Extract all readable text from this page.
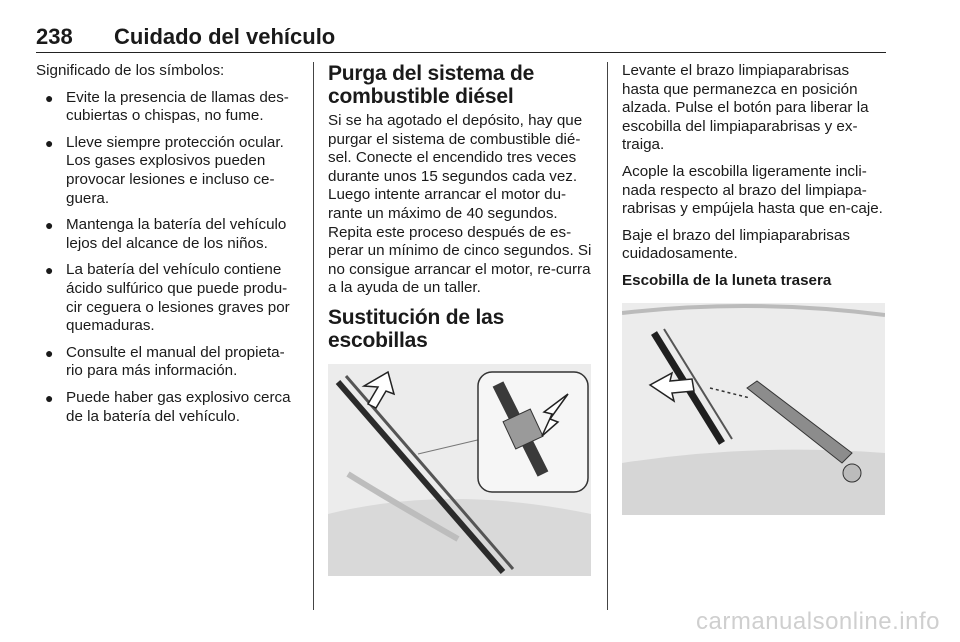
238 Cuidado del vehículo

Significado de los símbolos:

● Evite la presencia de llamas des-cubiertas o chispas, no fume.
● Lleve siempre protección ocular. Los gases explosivos pueden provocar lesiones e incluso ce-guera.
● Mantenga la batería del vehículo lejos del alcance de los niños.
● La batería del vehículo contiene ácido sulfúrico que puede produ-cir ceguera o lesiones graves por quemaduras.
● Consulte el manual del propieta-rio para más información.
● Puede haber gas explosivo cerca de la batería del vehículo.
Purga del sistema de combustible diésel

Si se ha agotado el depósito, hay que purgar el sistema de combustible dié-sel. Conecte el encendido tres veces durante unos 15 segundos cada vez. Luego intente arrancar el motor du-rante un máximo de 40 segundos. Repita este proceso después de es-perar un mínimo de cinco segundos. Si no consigue arrancar el motor, re-curra a la ayuda de un taller.

Sustitución de las escobillas

Levante el brazo limpiaparabrisas hasta que permanezca en posición alzada. Pulse el botón para liberar la escobilla del limpiaparabrisas y ex-traiga.

Acople la escobilla ligeramente incli-nada respecto al brazo del limpiapa-rabrisas y empújela hasta que en-caje.

Baje el brazo del limpiaparabrisas cuidadosamente.

Escobilla de la luneta trasera
carmanualsonline.info
